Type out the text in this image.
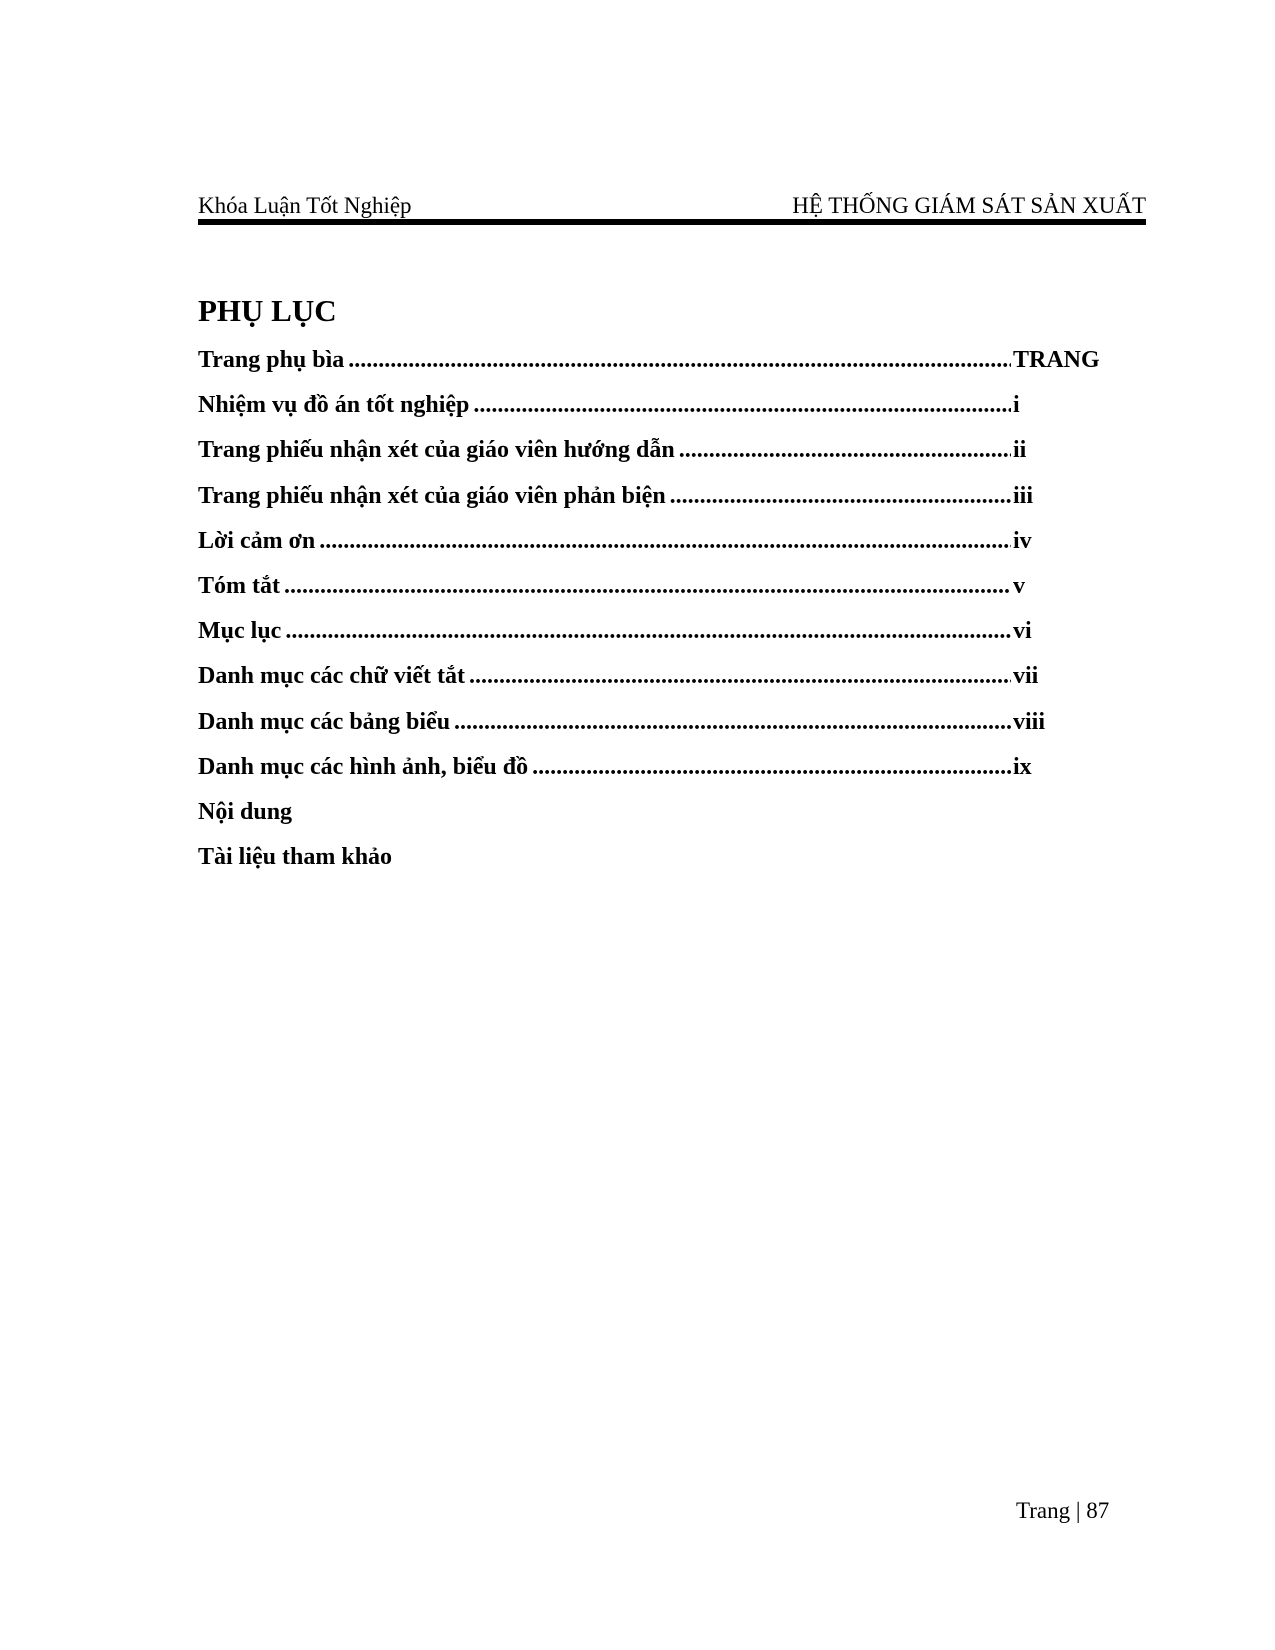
Khóa Luận Tốt Nghiệp	HỆ THỐNG GIÁM SÁT SẢN XUẤT
PHỤ LỤC
Trang phụ bìa .....	TRANG
Nhiệm vụ đồ án tốt nghiệp .....	i
Trang phiếu nhận xét của giáo viên hướng dẫn .....	ii
Trang phiếu nhận xét của giáo viên phản biện .....	iii
Lời cảm ơn .....	iv
Tóm tắt .....	v
Mục lục .....	vi
Danh mục các chữ viết tắt .....	vii
Danh mục các bảng biểu .....	viii
Danh mục các hình ảnh, biểu đồ .....	ix
Nội dung
Tài liệu tham khảo
Trang | 87
